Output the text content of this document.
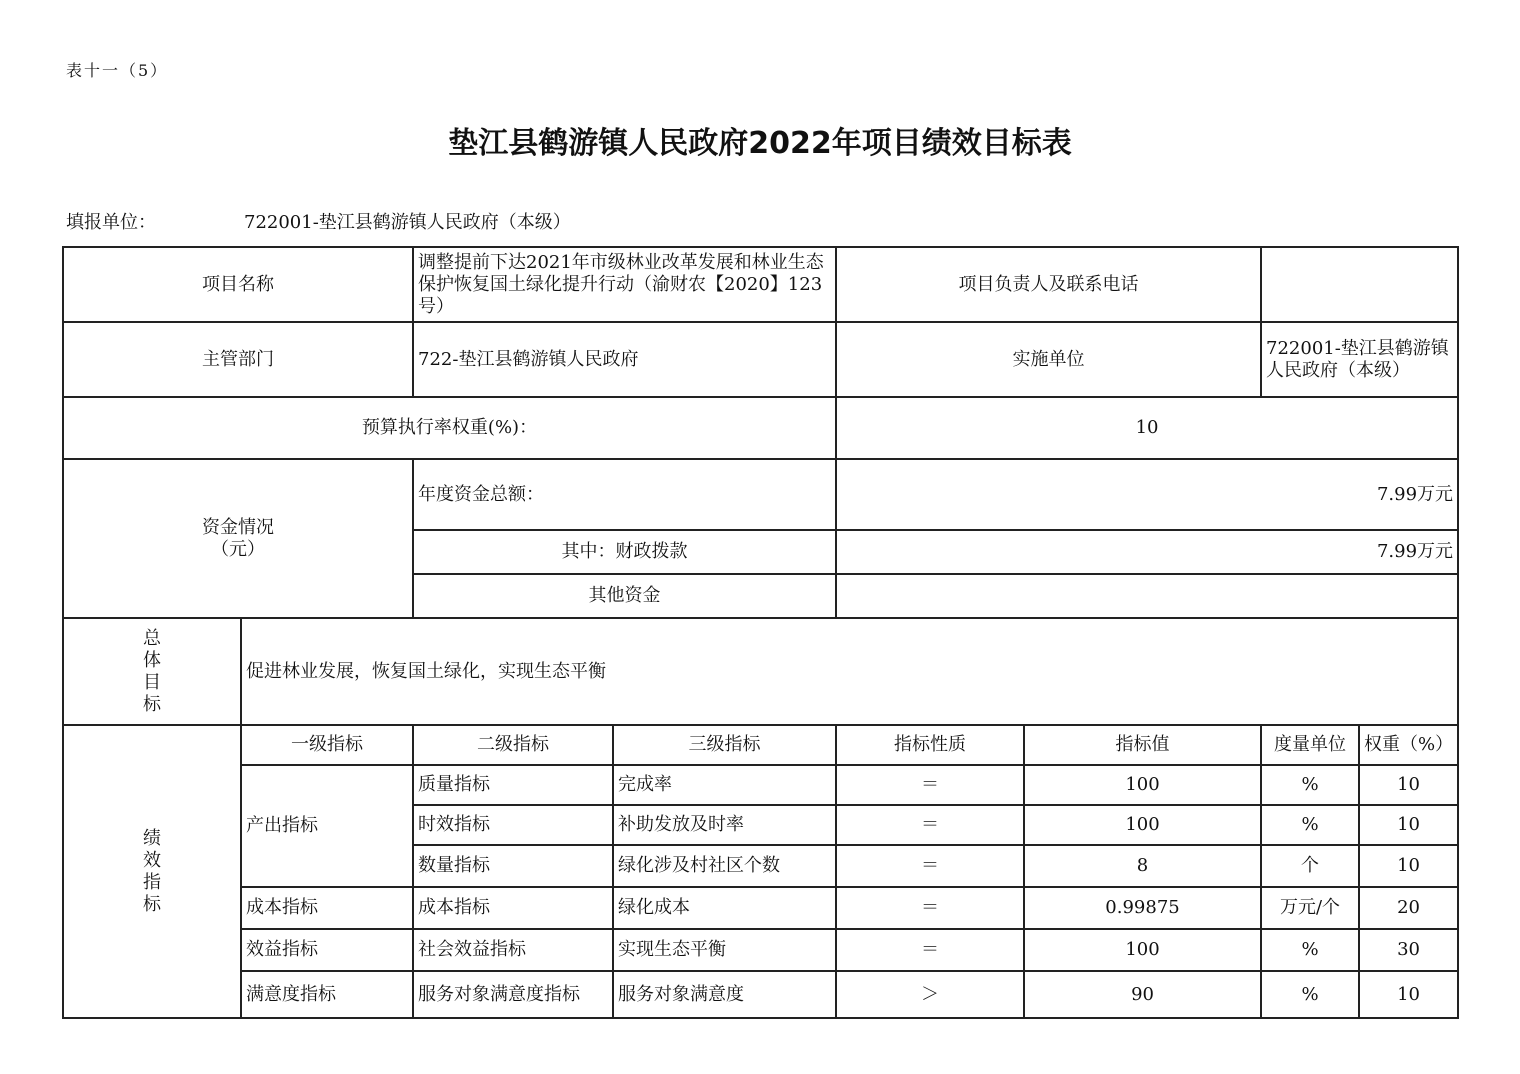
表十一（5）
垫江县鹤游镇人民政府2022年项目绩效目标表
填报单位：	722001-垫江县鹤游镇人民政府（本级）
项目名称		调整提前下达2021年市级林业改革发展和林业生态保护恢复国土绿化提升行动（渝财农【2020】123号）		项目负责人及联系电话			
主管部门		722-垫江县鹤游镇人民政府		实施单位		722001-垫江县鹤游镇人民政府（本级）	
预算执行率权重(%)：				10			

资金情况
（元）		年度资金总额：		7.99万元			
		其中：财政拨款		7.99万元			
		其他资金					

总
体
目
标	促进林业发展，恢复国土绿化，实现生态平衡						

绩
效
指
标	一级指标	二级指标	三级指标	指标性质	指标值	度量单位	权重（%）
	产出指标	质量指标	完成率	＝	100	%	10
		时效指标	补助发放及时率	＝	100	%	10
		数量指标	绿化涉及村社区个数	＝	8	个	10
	成本指标	成本指标	绿化成本	＝	0.99875	万元/个	20
	效益指标	社会效益指标	实现生态平衡	＝	100	%	30
	满意度指标	服务对象满意度指标	服务对象满意度	＞	90	%	10
